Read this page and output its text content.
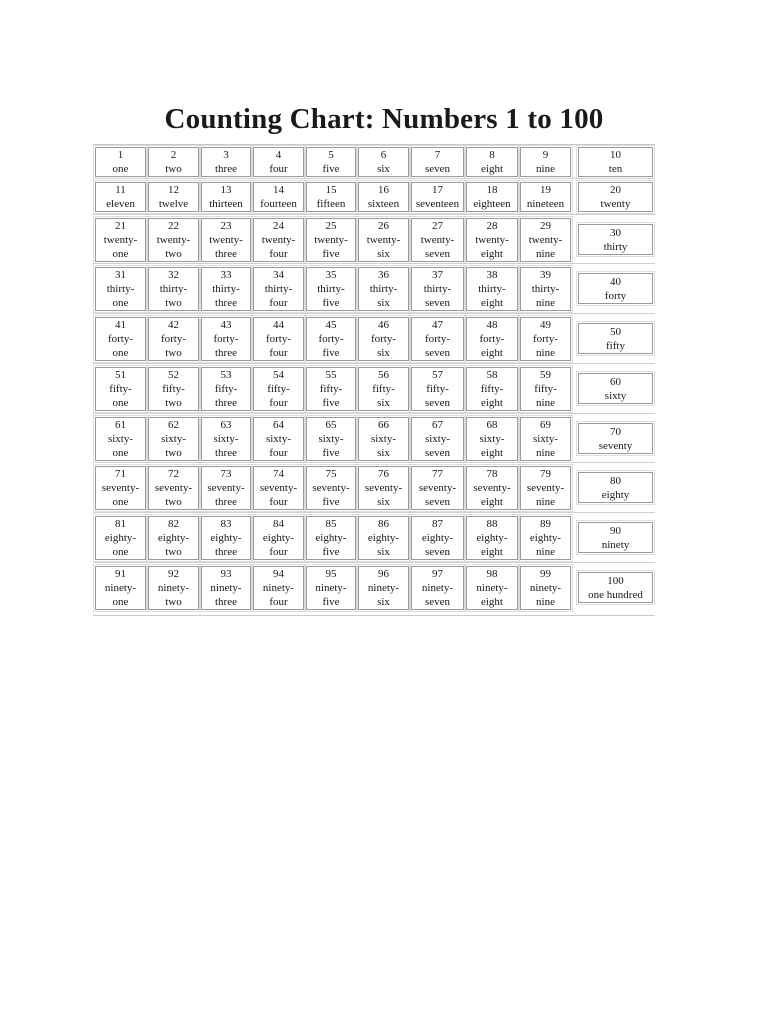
Counting Chart: Numbers 1 to 100
1
one
2
two
3
three
4
four
5
five
6
six
7
seven
8
eight
9
nine
10
ten
11
eleven
12
twelve
13
thirteen
14
fourteen
15
fifteen
16
sixteen
17
seventeen
18
eighteen
19
nineteen
20
twenty
21
twenty-
one
22
twenty-
two
23
twenty-
three
24
twenty-
four
25
twenty-
five
26
twenty-
six
27
twenty-
seven
28
twenty-
eight
29
twenty-
nine
30
thirty
31
thirty-
one
32
thirty-
two
33
thirty-
three
34
thirty-
four
35
thirty-
five
36
thirty-
six
37
thirty-
seven
38
thirty-
eight
39
thirty-
nine
40
forty
41
forty-
one
42
forty-
two
43
forty-
three
44
forty-
four
45
forty-
five
46
forty-
six
47
forty-
seven
48
forty-
eight
49
forty-
nine
50
fifty
51
fifty-
one
52
fifty-
two
53
fifty-
three
54
fifty-
four
55
fifty-
five
56
fifty-
six
57
fifty-
seven
58
fifty-
eight
59
fifty-
nine
60
sixty
61
sixty-
one
62
sixty-
two
63
sixty-
three
64
sixty-
four
65
sixty-
five
66
sixty-
six
67
sixty-
seven
68
sixty-
eight
69
sixty-
nine
70
seventy
71
seventy-
one
72
seventy-
two
73
seventy-
three
74
seventy-
four
75
seventy-
five
76
seventy-
six
77
seventy-
seven
78
seventy-
eight
79
seventy-
nine
80
eighty
81
eighty-
one
82
eighty-
two
83
eighty-
three
84
eighty-
four
85
eighty-
five
86
eighty-
six
87
eighty-
seven
88
eighty-
eight
89
eighty-
nine
90
ninety
91
ninety-
one
92
ninety-
two
93
ninety-
three
94
ninety-
four
95
ninety-
five
96
ninety-
six
97
ninety-
seven
98
ninety-
eight
99
ninety-
nine
100
one hundred
